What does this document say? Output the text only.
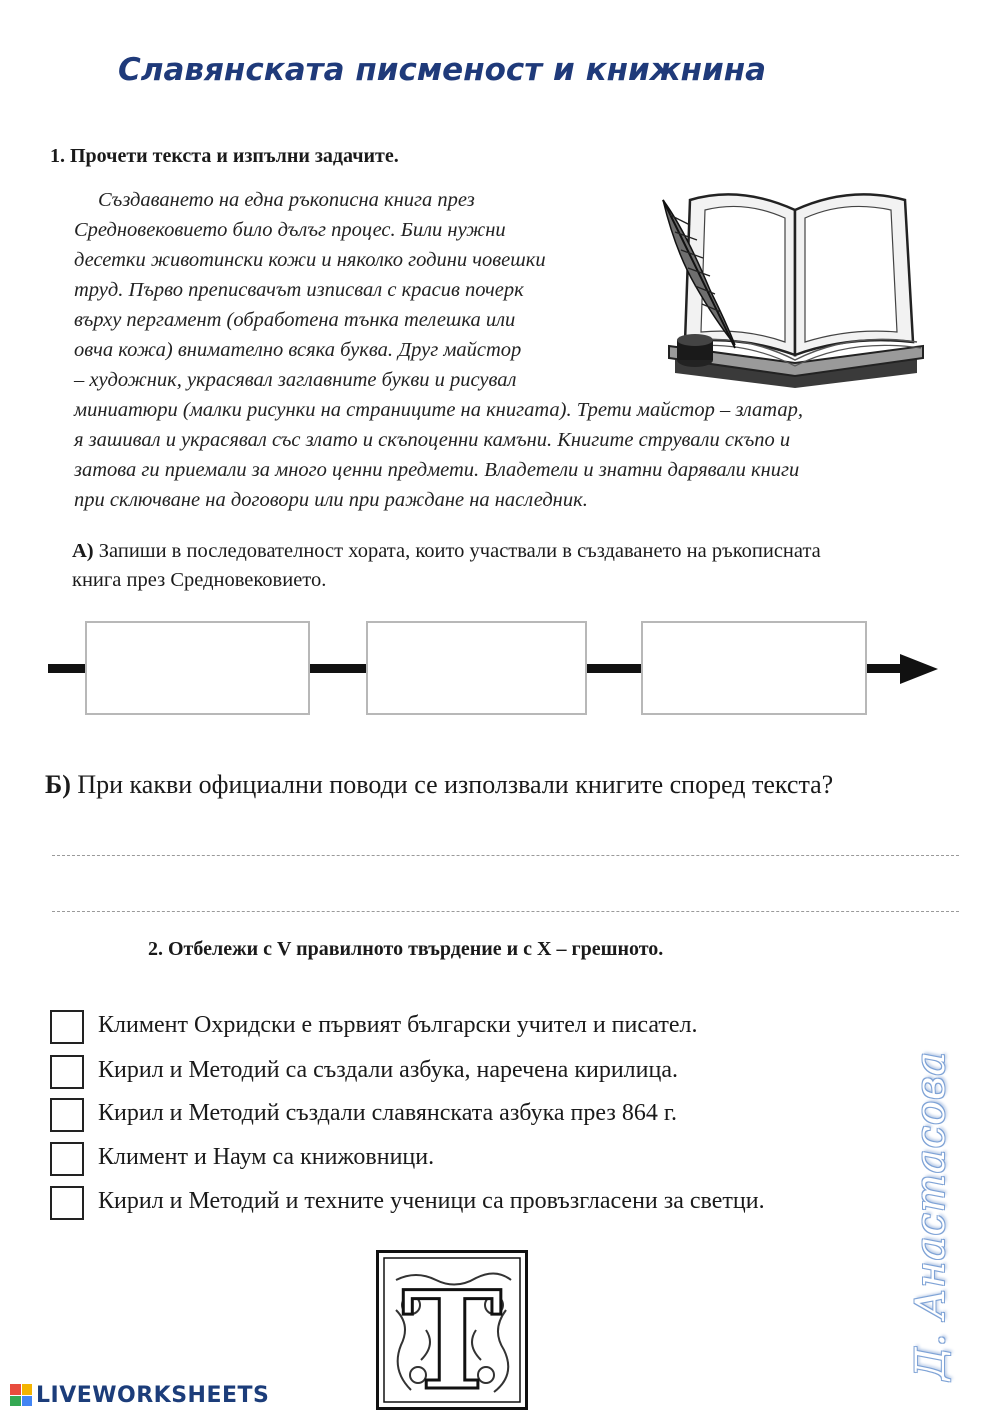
Славянската писменост и книжнина
1. Прочети текста и изпълни задачите.
Създаването на една ръкописна книга през
Средновековието било дълъг процес. Били нужни
десетки животински кожи и няколко години човешки
труд. Първо преписвачът изписвал с красив почерк
върху пергамент (обработена тънка телешка или
овча кожа) внимателно всяка буква. Друг майстор
– художник, украсявал заглавните букви и рисувал
миниатюри (малки рисунки на страниците на книгата). Трети майстор – златар,
я зашивал и украсявал със злато и скъпоценни камъни. Книгите стрували скъпо и
затова ги приемали за много ценни предмети. Владетели и знатни дарявали книги
при сключване на договори или при раждане на наследник.
А) Запиши в последователност хората, които участвали в създаването на ръкописната
книга през Средновековието.
Б) При какви официални поводи се използвали книгите според текста?
2. Отбележи с V правилното твърдение и с X – грешното.
Климент Охридски е първият български учител и писател.
Кирил и Методий са създали азбука, наречена кирилица.
Кирил и Методий създали славянската азбука през 864 г.
Климент и Наум са книжовници.
Кирил и Методий и техните ученици са провъзгласени за светци.
Т	Д. Анастасова
LIVEWORKSHEETS
